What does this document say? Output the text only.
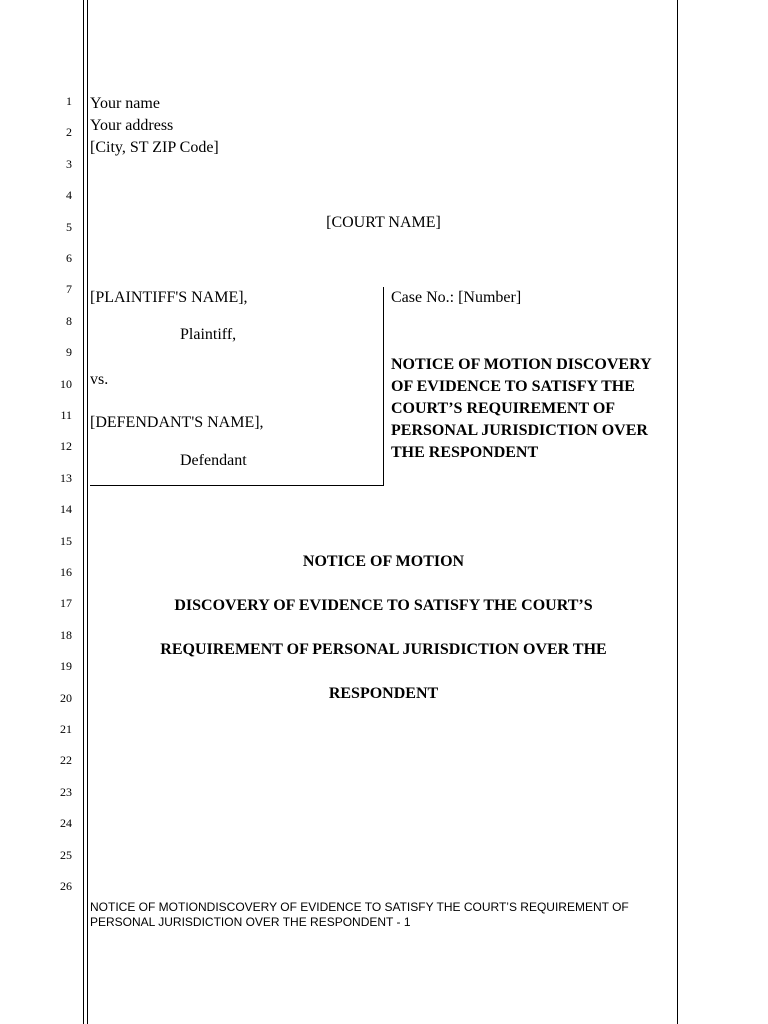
1
2
3
4
5
6
7
8
9
10
11
12
13
14
15
16
17
18
19
20
21
22
23
24
25
26
Your name
Your address
[City, ST ZIP Code]
[COURT NAME]
[PLAINTIFF'S NAME],
Plaintiff,
vs.
[DEFENDANT'S NAME],
Defendant
Case No.: [Number]
NOTICE OF MOTION DISCOVERY OF EVIDENCE TO SATISFY THE COURT’S REQUIREMENT OF PERSONAL JURISDICTION OVER THE RESPONDENT
NOTICE OF MOTION
DISCOVERY OF EVIDENCE TO SATISFY THE COURT’S
REQUIREMENT OF PERSONAL JURISDICTION OVER THE
RESPONDENT
NOTICE OF MOTIONDISCOVERY OF EVIDENCE TO SATISFY THE COURT’S REQUIREMENT OF PERSONAL JURISDICTION OVER THE RESPONDENT - 1
